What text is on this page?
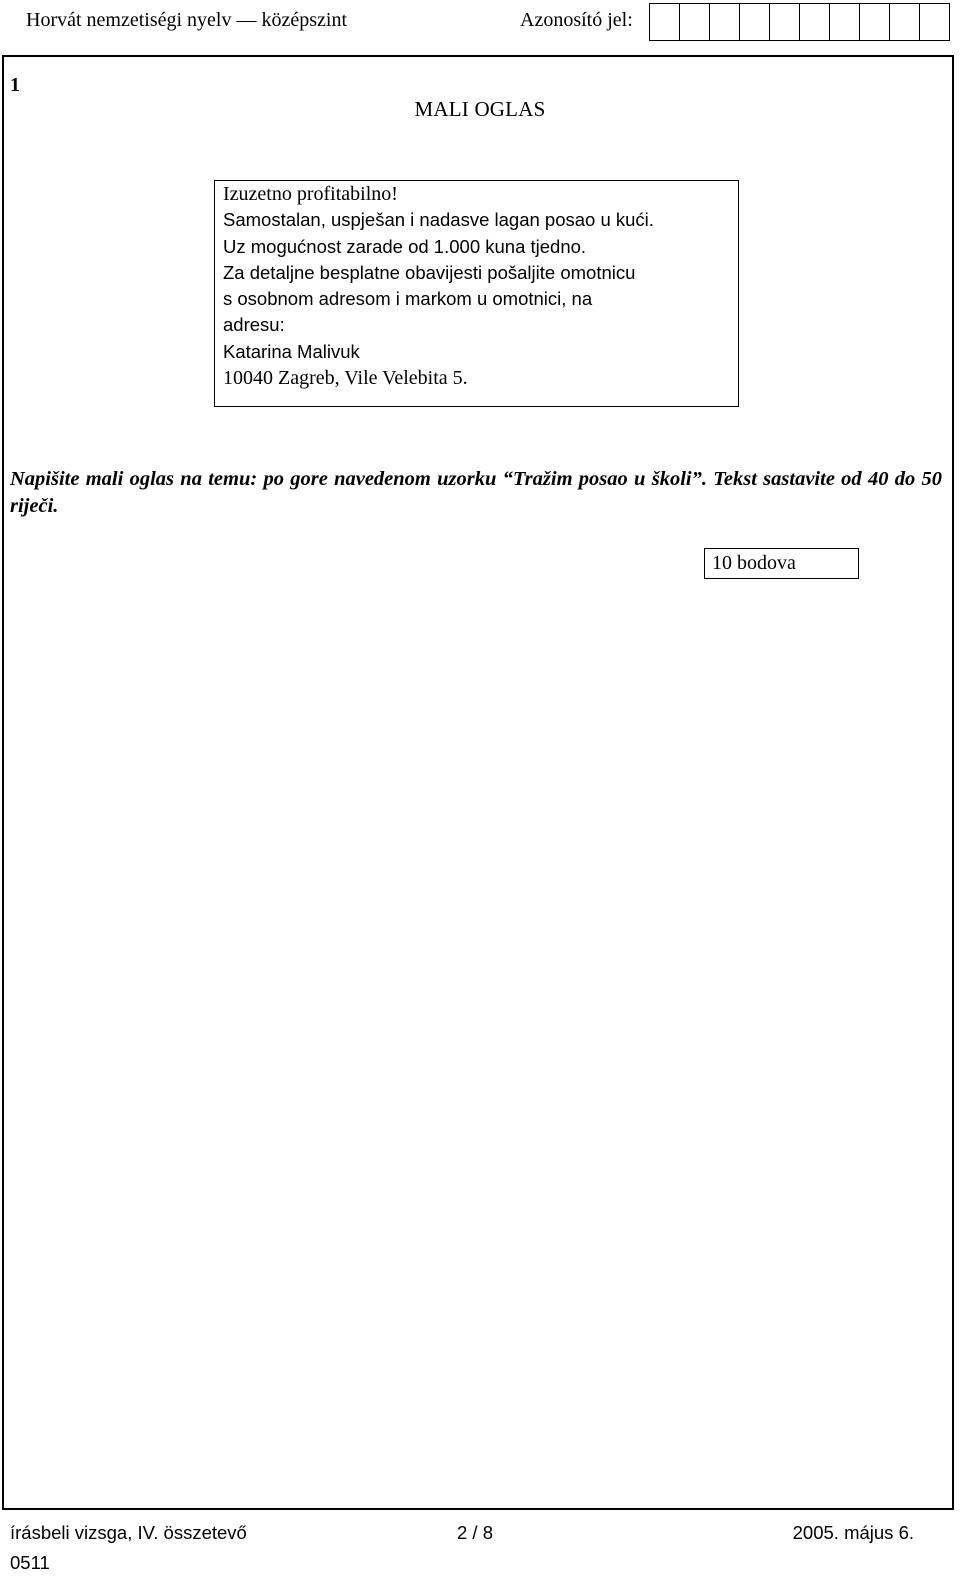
Horvát nemzetiségi nyelv — középszint	Azonosító jel:
1
MALI OGLAS
Izuzetno profitabilno!
Samostalan, uspješan i nadasve lagan posao u kući.
Uz mogućnost zarade od 1.000 kuna tjedno.
Za detaljne besplatne obavijesti pošaljite omotnicu
s osobnom adresom i markom u omotnici, na
adresu:
Katarina Malivuk
10040 Zagreb, Vile Velebita 5.
Napišite mali oglas na temu: po gore navedenom uzorku “Tražim posao u školi”. Tekst sastavite od 40 do 50 riječi.
10 bodova
írásbeli vizsga, IV. összetevő
0511
2 / 8	2005. május 6.
